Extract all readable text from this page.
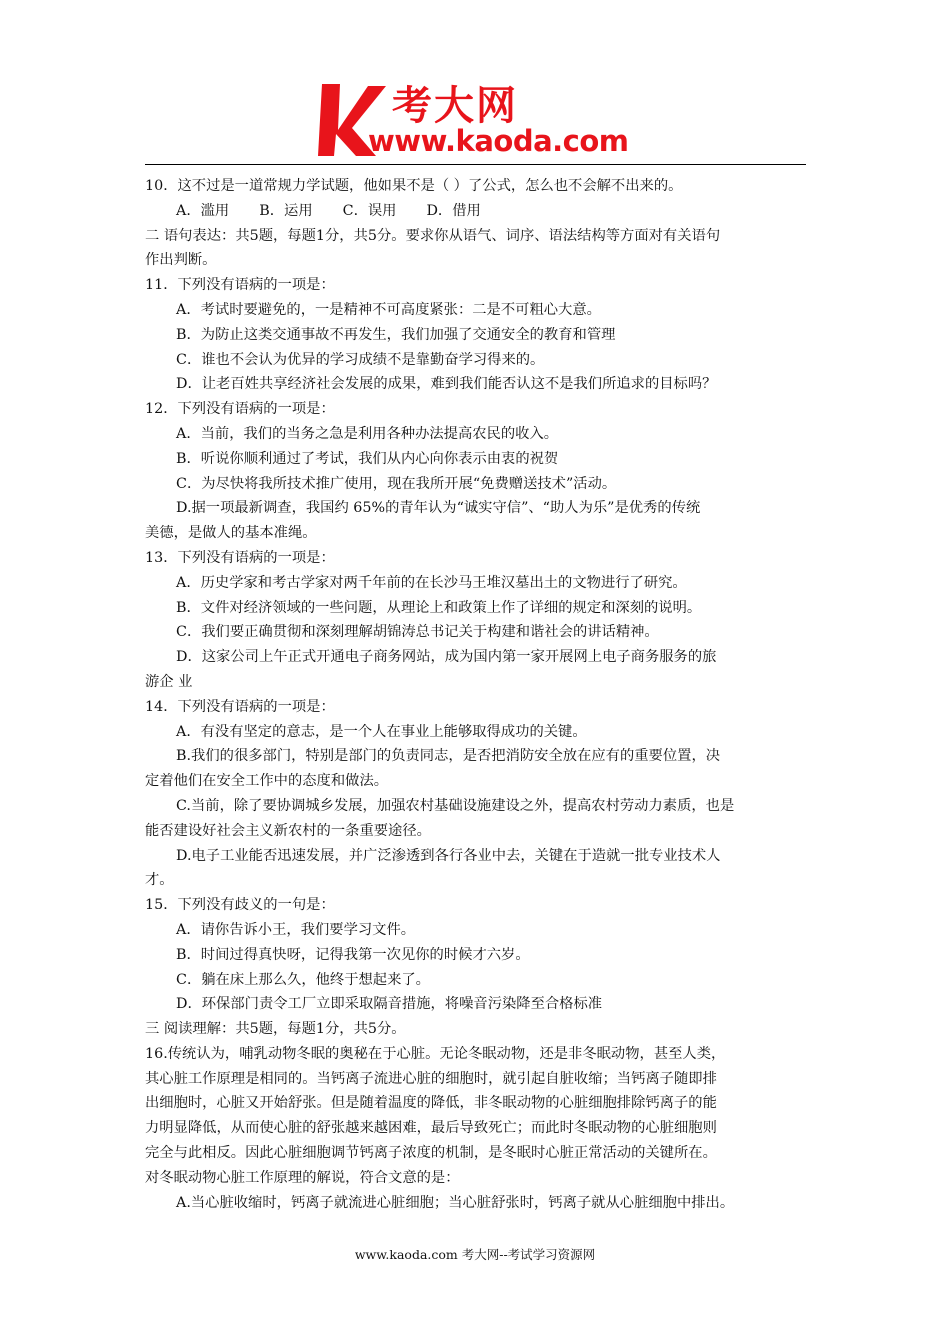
考大网
www.kaoda.com
10．这不过是一道常规力学试题，他如果不是（ ）了公式，怎么也不会解不出来的。
A．滥用 B．运用 C．误用 D．借用
二 语句表达：共5题，每题1分，共5分。要求你从语气、词序、语法结构等方面对有关语句
作出判断。
11．下列没有语病的一项是：
A．考试时要避免的，一是精神不可高度紧张：二是不可粗心大意。
B．为防止这类交通事故不再发生，我们加强了交通安全的教育和管理
C．谁也不会认为优异的学习成绩不是靠勤奋学习得来的。
D．让老百姓共享经济社会发展的成果，难到我们能否认这不是我们所追求的目标吗？
12．下列没有语病的一项是：
A．当前，我们的当务之急是利用各种办法提高农民的收入。
B．听说你顺利通过了考试，我们从内心向你表示由衷的祝贺
C．为尽快将我所技术推广使用，现在我所开展“免费赠送技术”活动。
D.据一项最新调查，我国约 65%的青年认为“诚实守信”、“助人为乐”是优秀的传统
美德，是做人的基本准绳。
13．下列没有语病的一项是：
A．历史学家和考古学家对两千年前的在长沙马王堆汉墓出土的文物进行了研究。
B．文件对经济领域的一些问题，从理论上和政策上作了详细的规定和深刻的说明。
C．我们要正确贯彻和深刻理解胡锦涛总书记关于构建和谐社会的讲话精神。
D．这家公司上午正式开通电子商务网站，成为国内第一家开展网上电子商务服务的旅
游企 业
14．下列没有语病的一项是：
A．有没有坚定的意志，是一个人在事业上能够取得成功的关键。
B.我们的很多部门，特别是部门的负责同志，是否把消防安全放在应有的重要位置，决
定着他们在安全工作中的态度和做法。
C.当前，除了要协调城乡发展，加强农村基础设施建设之外，提高农村劳动力素质，也是
能否建设好社会主义新农村的一条重要途径。
D.电子工业能否迅速发展，并广泛渗透到各行各业中去，关键在于造就一批专业技术人
才。
15．下列没有歧义的一句是：
A．请你告诉小王，我们要学习文件。
B．时间过得真快呀，记得我第一次见你的时候才六岁。
C．躺在床上那么久，他终于想起来了。
D．环保部门责令工厂立即采取隔音措施，将噪音污染降至合格标准
三 阅读理解：共5题，每题1分，共5分。
16.传统认为，哺乳动物冬眠的奥秘在于心脏。无论冬眠动物，还是非冬眠动物，甚至人类，
其心脏工作原理是相同的。当钙离子流进心脏的细胞时，就引起自脏收缩；当钙离子随即排
出细胞时，心脏又开始舒张。但是随着温度的降低，非冬眠动物的心脏细胞排除钙离子的能
力明显降低，从而使心脏的舒张越来越困难，最后导致死亡；而此时冬眠动物的心脏细胞则
完全与此相反。因此心脏细胞调节钙离子浓度的机制，是冬眠时心脏正常活动的关键所在。
对冬眠动物心脏工作原理的解说，符合文意的是：
A.当心脏收缩时，钙离子就流进心脏细胞；当心脏舒张时，钙离子就从心脏细胞中排出。
www.kaoda.com 考大网--考试学习资源网
